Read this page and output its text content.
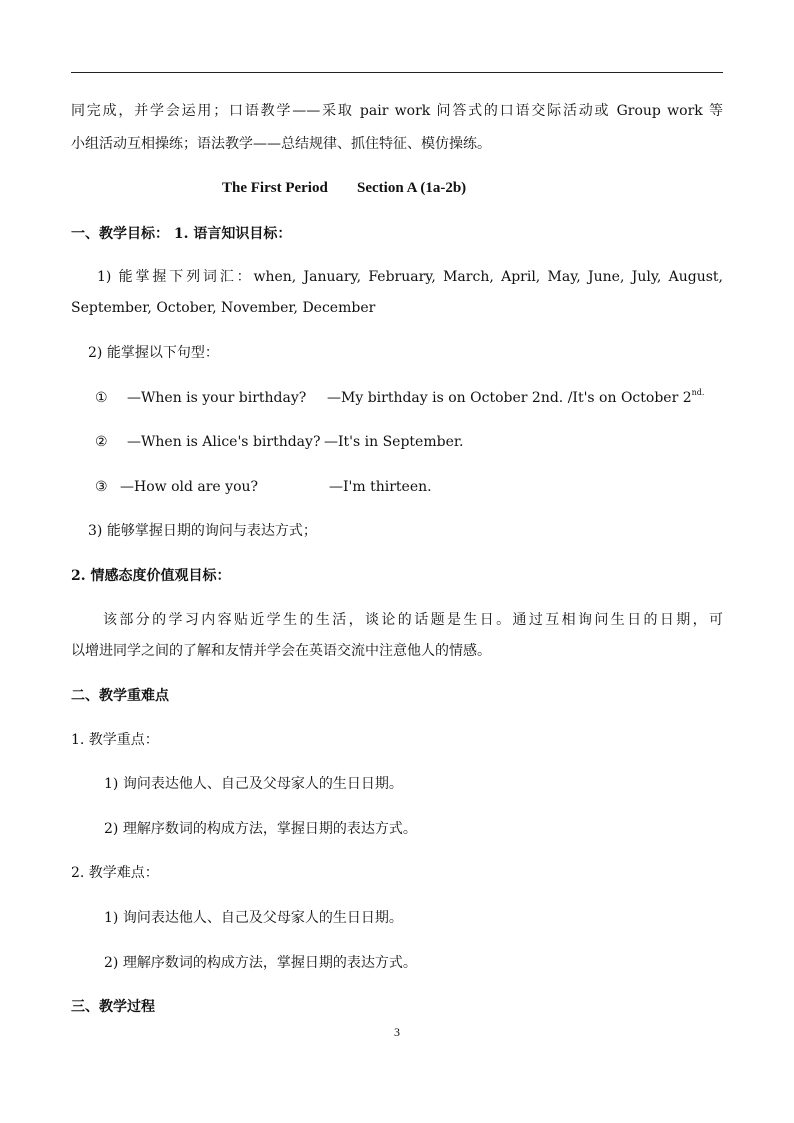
同完成，并学会运用；口语教学——采取 pair work 问答式的口语交际活动或 Group work 等
小组活动互相操练；语法教学——总结规律、抓住特征、模仿操练。
The First Period Section A (1a-2b)
一、教学目标： 1. 语言知识目标：
1) 能掌握下列词汇：when, January, February, March, April, May, June, July, August,
September, October, November, December
2) 能掌握以下句型：
① —When is your birthday? —My birthday is on October 2nd. /It's on October $2^{nd.}$
② —When is Alice's birthday? —It's in September.
③ —How old are you?	—I'm thirteen.
3) 能够掌握日期的询问与表达方式；
2. 情感态度价值观目标：
该部分的学习内容贴近学生的生活，谈论的话题是生日。通过互相询问生日的日期，可
以增进同学之间的了解和友情并学会在英语交流中注意他人的情感。
二、教学重难点
1. 教学重点：
1) 询问表达他人、自己及父母家人的生日日期。
2) 理解序数词的构成方法，掌握日期的表达方式。
2. 教学难点：
1) 询问表达他人、自己及父母家人的生日日期。
2) 理解序数词的构成方法，掌握日期的表达方式。
三、教学过程
3
